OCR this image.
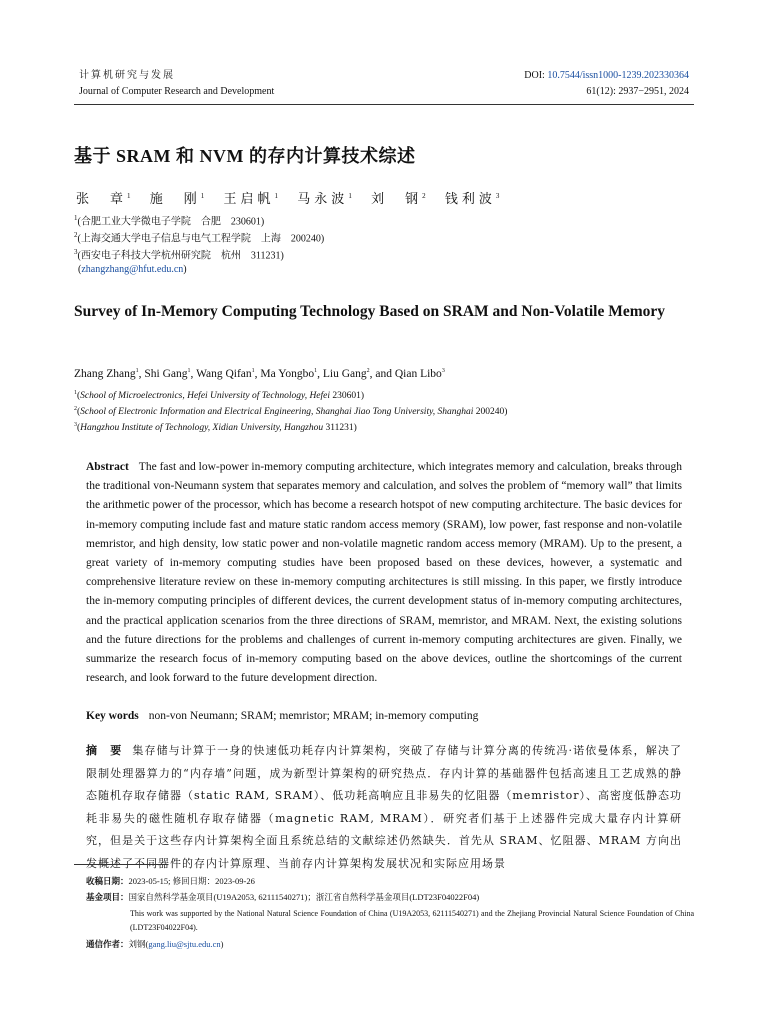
计算机研究与发展
Journal of Computer Research and Development
DOI: 10.7544/issn1000-1239.202330364
61(12): 2937−2951, 2024
基于 SRAM 和 NVM 的存内计算技术综述
张　章$^1$ 施　刚$^1$ 王启帆$^1$ 马永波$^1$ 刘　钢$^2$ 钱利波$^3$
$^1$(合肥工业大学微电子学院　合肥　230601)
$^2$(上海交通大学电子信息与电气工程学院　上海　200240)
$^3$(西安电子科技大学杭州研究院　杭州　311231)
(zhangzhang@hfut.edu.cn)
Survey of In-Memory Computing Technology Based on SRAM and Non-Volatile Memory
Zhang Zhang$^1$, Shi Gang$^1$, Wang Qifan$^1$, Ma Yongbo$^1$, Liu Gang$^2$, and Qian Libo$^3$
$^1$(School of Microelectronics, Hefei University of Technology, Hefei 230601)
$^2$(School of Electronic Information and Electrical Engineering, Shanghai Jiao Tong University, Shanghai 200240)
$^3$(Hangzhou Institute of Technology, Xidian University, Hangzhou 311231)
Abstract The fast and low-power in-memory computing architecture, which integrates memory and calculation, breaks through the traditional von-Neumann system that separates memory and calculation, and solves the problem of “memory wall” that limits the arithmetic power of the processor, which has become a research hotspot of new computing architecture. The basic devices for in-memory computing include fast and mature static random access memory (SRAM), low power, fast response and non-volatile memristor, and high density, low static power and non-volatile magnetic random access memory (MRAM). Up to the present, a great variety of in-memory computing studies have been proposed based on these devices, however, a systematic and comprehensive literature review on these in-memory computing architectures is still missing. In this paper, we firstly introduce the in-memory computing principles of different devices, the current development status of in-memory computing architectures, and the practical application scenarios from the three directions of SRAM, memristor, and MRAM. Next, the existing solutions and the future directions for the problems and challenges of current in-memory computing architectures are given. Finally, we summarize the research focus of in-memory computing based on the above devices, outline the shortcomings of the current research, and look forward to the future development direction.
Key words non-von Neumann; SRAM; memristor; MRAM; in-memory computing
摘　要 集存储与计算于一身的快速低功耗存内计算架构，突破了存储与计算分离的传统冯·诺依曼体系，解决了限制处理器算力的“内存墙”问题，成为新型计算架构的研究热点．存内计算的基础器件包括高速且工艺成熟的静态随机存取存储器（static RAM, SRAM）、低功耗高响应且非易失的忆阻器（memristor）、高密度低静态功耗非易失的磁性随机存取存储器（magnetic RAM, MRAM）．研究者们基于上述器件完成大量存内计算研究，但是关于这些存内计算架构全面且系统总结的文献综述仍然缺失．首先从 SRAM、忆阻器、MRAM 方向出发概述了不同器件的存内计算原理、当前存内计算架构发展状况和实际应用场景
收稿日期：2023-05-15; 修回日期：2023-09-26
基金项目：国家自然科学基金项目(U19A2053, 62111540271)；浙江省自然科学基金项目(LDT23F04022F04)
This work was supported by the National Natural Science Foundation of China (U19A2053, 62111540271) and the Zhejiang Provincial Natural Science Foundation of China (LDT23F04022F04).
通信作者：刘钢(gang.liu@sjtu.edu.cn)
